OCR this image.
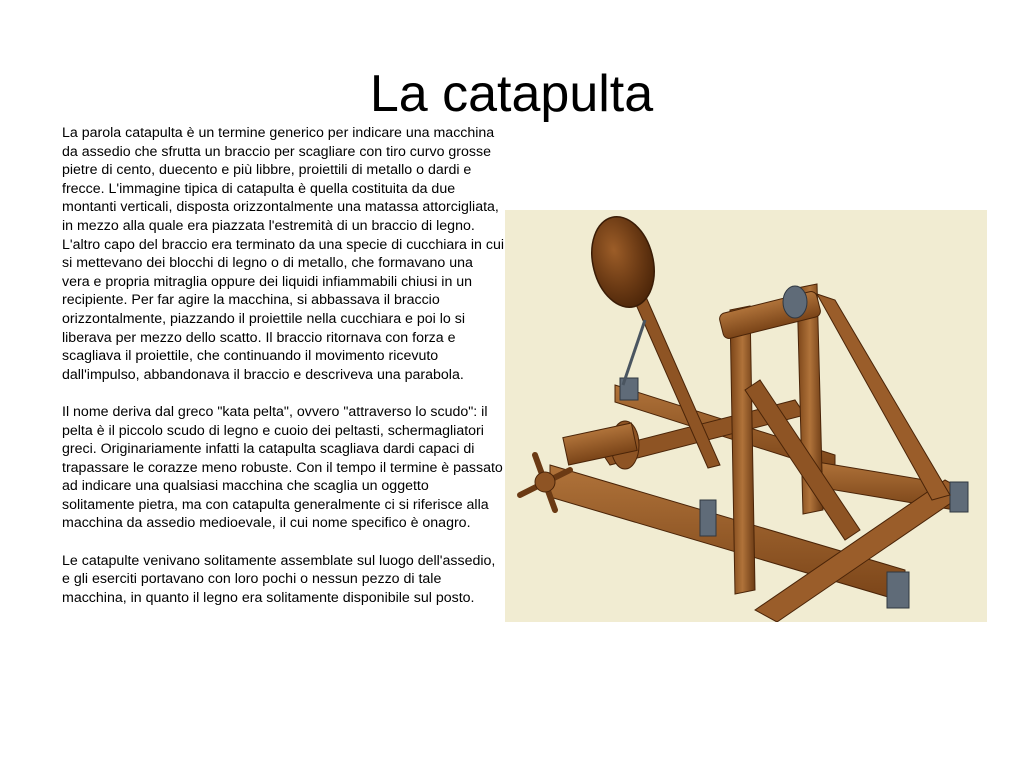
La catapulta

La parola catapulta è un termine generico per indicare una macchina da assedio che sfrutta un braccio per scagliare con tiro curvo grosse pietre di cento, duecento e più libbre, proiettili di metallo o dardi e frecce. L'immagine tipica di catapulta è quella costituita da due montanti verticali, disposta orizzontalmente una matassa attorcigliata, in mezzo alla quale era piazzata l'estremità di un braccio di legno. L'altro capo del braccio era terminato da una specie di cucchiara in cui si mettevano dei blocchi di legno o di metallo, che formavano una vera e propria mitraglia oppure dei liquidi infiammabili chiusi in un recipiente. Per far agire la macchina, si abbassava il braccio orizzontalmente, piazzando il proiettile nella cucchiara e poi lo si liberava per mezzo dello scatto. Il braccio ritornava con forza e scagliava il proiettile, che continuando il movimento ricevuto dall'impulso, abbandonava il braccio e descriveva una parabola.

Il nome deriva dal greco "kata pelta", ovvero "attraverso lo scudo": il pelta è il piccolo scudo di legno e cuoio dei peltasti, schermagliatori greci. Originariamente infatti la catapulta scagliava dardi capaci di trapassare le corazze meno robuste. Con il tempo il termine è passato ad indicare una qualsiasi macchina che scaglia un oggetto solitamente pietra, ma con catapulta generalmente ci si riferisce alla macchina da assedio medioevale, il cui nome specifico è onagro.

Le catapulte venivano solitamente assemblate sul luogo dell'assedio, e gli eserciti portavano con loro pochi o nessun pezzo di tale macchina, in quanto il legno era solitamente disponibile sul posto.
